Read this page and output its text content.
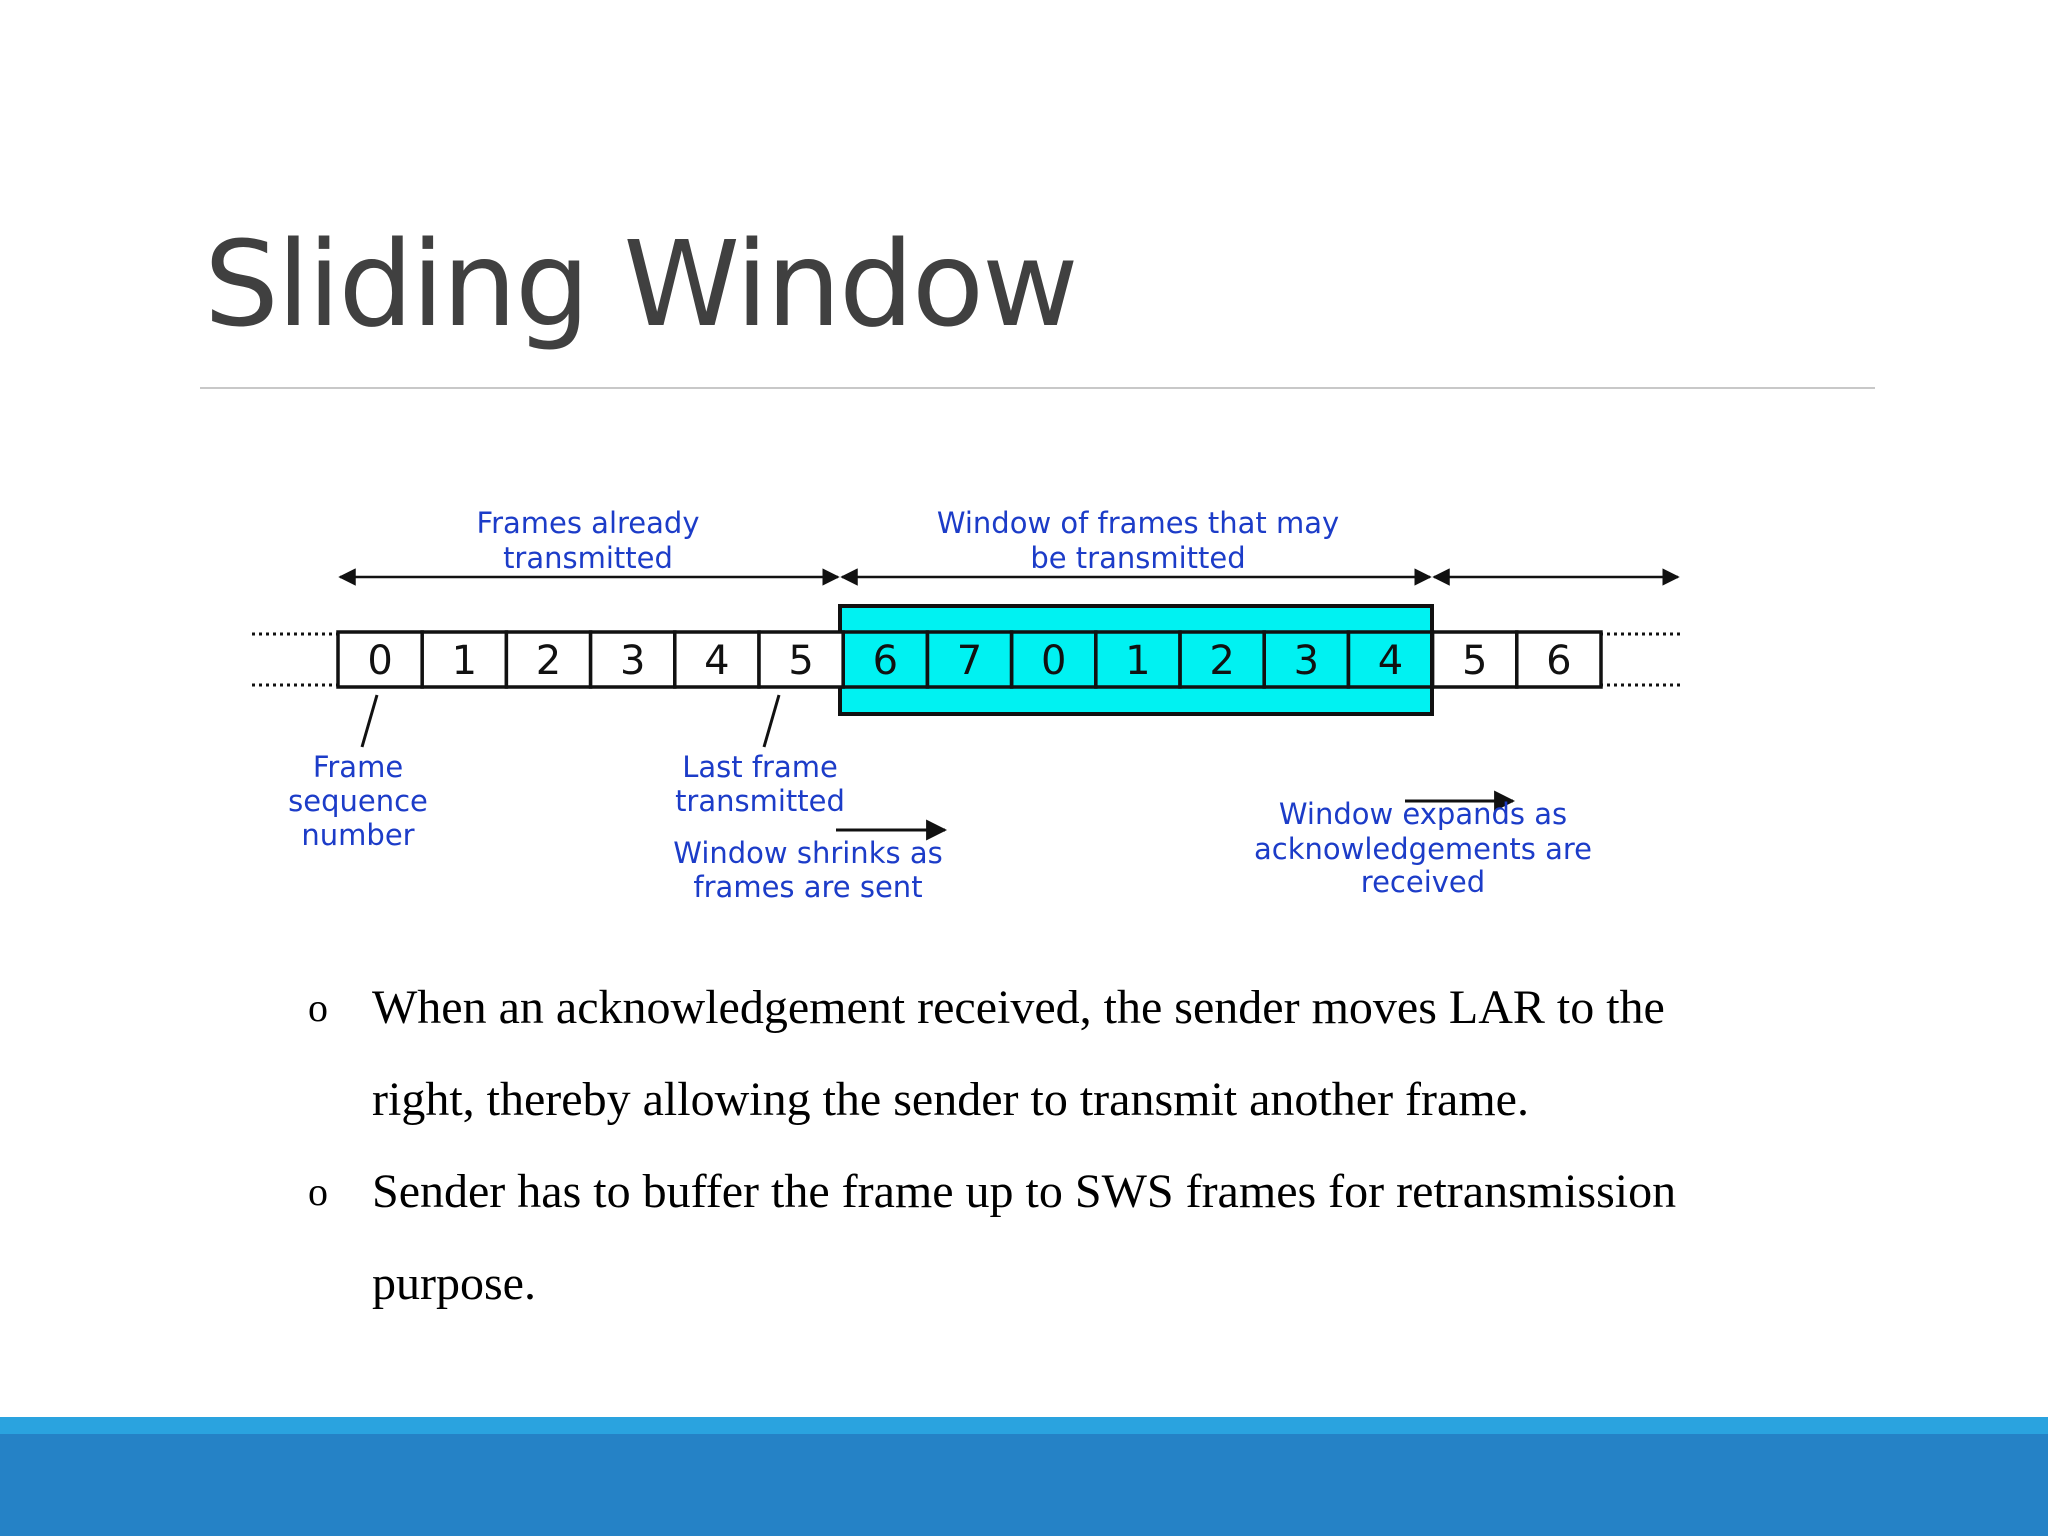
Sliding Window
Frames already
transmitted
Window of frames that may
be transmitted
0 1 2 3 4 5 6 7 0 1 2 3 4 5 6
Frame
sequence
number
Last frame
transmitted
Window shrinks as
frames are sent
Window expands as
acknowledgements are
received
o When an acknowledgement received, the sender moves LAR to the
right, thereby allowing the sender to transmit another frame.
o Sender has to buffer the frame up to SWS frames for retransmission
purpose.
